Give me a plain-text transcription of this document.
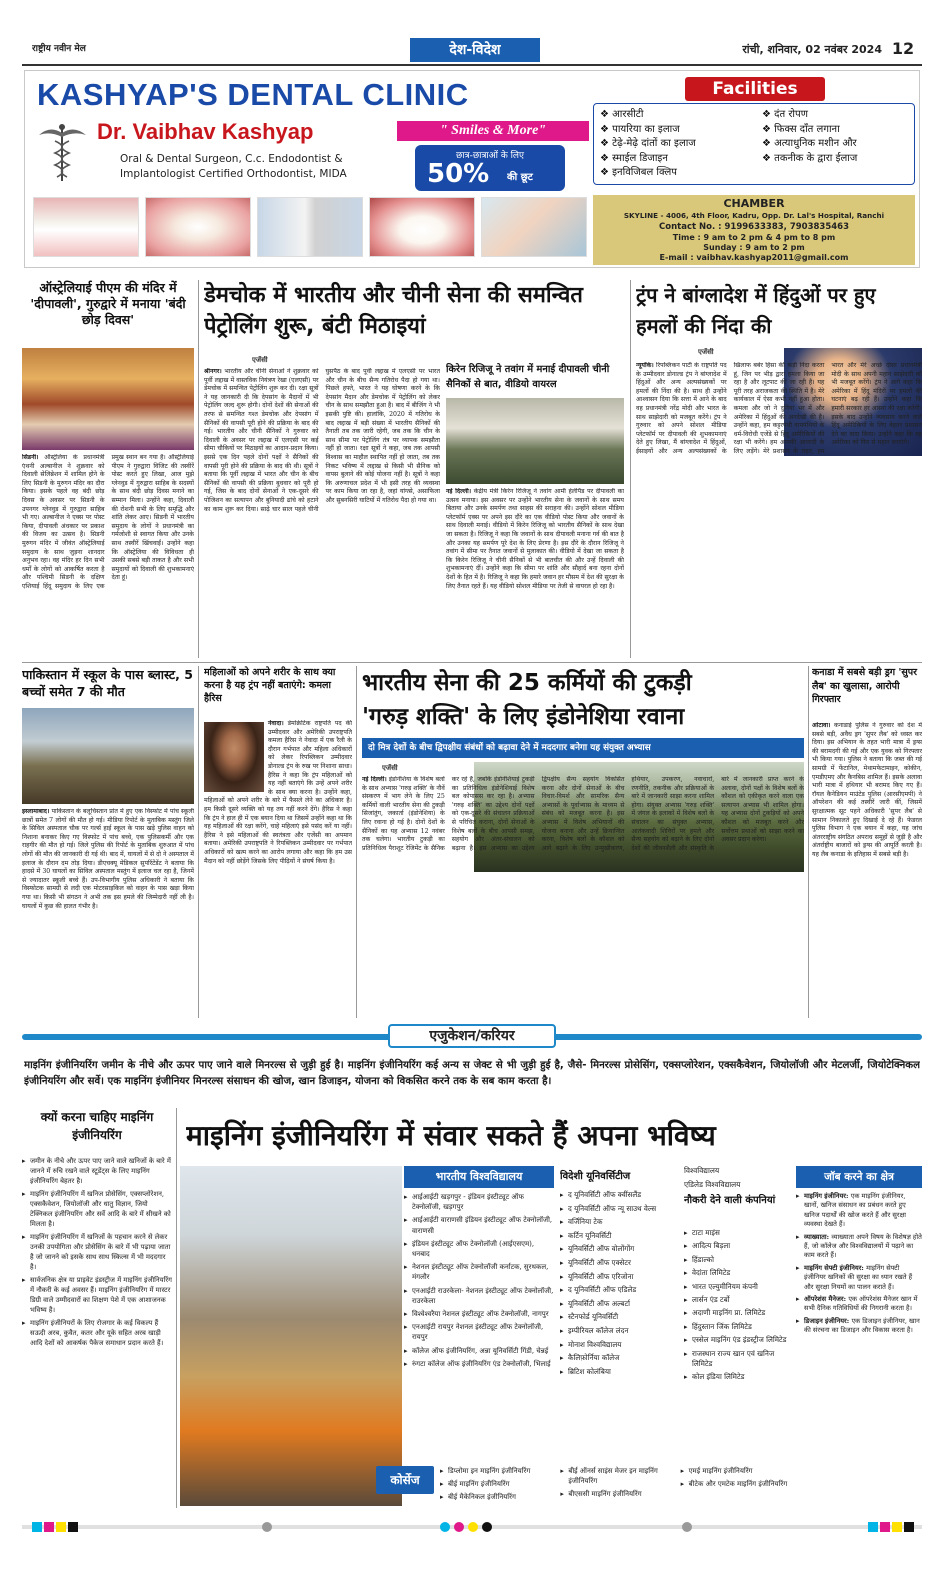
राष्ट्रीय नवीन मेल	देश-विदेश	रांची, शनिवार, 02 नवंबर 2024 12
KASHYAP'S DENTAL CLINIC
Dr. Vaibhav Kashyap	" Smiles & More"
Oral & Dental Surgeon, C.c. Endodontist &
Implantologist Certified Orthodontist, MIDA
छात्र-छात्राओं के लिए
50%	की छूट
Facilities
❖ आरसीटी
❖ पायरिया का इलाज
❖ टेढ़े-मेढ़े दांतों का इलाज
❖ स्माईल डिजाइन
❖ इनविजिबल क्लिप
❖ दंत रोपण
❖ फिक्स दाँत लगाना
❖ अत्याधुनिक मशीन और
❖ तकनीक के द्वारा ईलाज
CHAMBER
SKYLINE - 4006, 4th Floor, Kadru, Opp. Dr. Lal's Hospital, Ranchi
Contact No. : 9199633383, 7903835463
Time : 9 am to 2 pm & 4 pm to 8 pm
Sunday : 9 am to 2 pm
E-mail : vaibhav.kashyap2011@gmail.com
ऑस्ट्रेलियाई पीएम की मंदिर में 'दीपावली', गुरुद्वारे में मनाया 'बंदी छोड़ दिवस'
सिडनी। ऑस्ट्रेलिया के प्रधानमंत्री एंथनी अल्बानीज ने शुक्रवार को दिवाली सेलिब्रेशन में शामिल होने के लिए सिडनी के मुरुगन मंदिर का दौरा किया। इसके पहले वह बंदी छोड़ दिवस के अवसर पर सिडनी के उपनगर ग्लेनवुड में गुरुद्वारा साहिब भी गए। अल्बानीज ने एक्स पर पोस्ट किया, दीपावली अंधकार पर प्रकाश की विजय का उत्सव है। सिडनी मुरुगन मंदिर में जीवंत ऑस्ट्रेलियाई समुदाय के साथ जुड़ना शानदार अनुभव रहा। वह मंदिर हर दिन सभी धर्मों के लोगों को आकर्षित करता है और पश्चिमी सिडनी के दक्षिण एशियाई हिंदू समुदाय के लिए एक प्रमुख स्थान बन गया है। ऑस्ट्रेलियाई पीएम ने गुरुद्वारा विजिट की तस्वीरें पोस्ट करते हुए लिखा, आज मुझे ग्लेनवुड में गुरुद्वारा साहिब के सदस्यों के साथ बंदी छोड़ दिवस मनाने का सम्मान मिला। उन्होंने कहा, दिवाली की रोशनी सभी के लिए समृद्धि और शांति लेकर आए। सिडनी में भारतीय समुदाय के लोगों ने प्रधानमंत्री का गर्मजोशी से स्वागत किया और उनके साथ तस्वीरें खिंचवाईं। उन्होंने कहा कि ऑस्ट्रेलिया की विविधता ही उसकी सबसे बड़ी ताकत है और सभी समुदायों को दिवाली की शुभकामनाएं देता हूं।
डेमचोक में भारतीय और चीनी सेना की समन्वित पेट्रोलिंग शुरू, बंटी मिठाइयां
एजेंसी
श्रीनगर। भारतीय और चीनी सेनाओं ने शुक्रवार को पूर्वी लद्दाख में वास्तविक नियंत्रण रेखा (एलएसी) पर डेमचोक में समन्वित पेट्रोलिंग शुरू कर दी। रक्षा सूत्रों ने यह जानकारी दी कि देपसांग के मैदानों में भी पेट्रोलिंग जल्द शुरू होगी। दोनों देशों की सेनाओं की तरफ से समन्वित गश्त डेमचोक और देपसांग में सैनिकों की वापसी पूरी होने की प्रक्रिया के बाद की गई। भारतीय और चीनी सैनिकों ने गुरुवार को दिवाली के अवसर पर लद्दाख में एलएसी पर कई सीमा चौकियों पर मिठाइयों का आदान-प्रदान किया। इससे एक दिन पहले दोनों पक्षों ने सैनिकों की वापसी पूरी होने की प्रक्रिया के बाद की थी। सूत्रों ने बताया कि पूर्वी लद्दाख में भारत और चीन के बीच सैनिकों की वापसी की प्रक्रिया बुधवार को पूरी हो गई, जिस के बाद दोनों सेनाओं ने एक-दूसरे की पोजिशन का सत्यापन और बुनियादी ढांचे को हटाने का काम शुरू कर दिया। साढ़े चार साल पहले चीनी घुसपैठ के बाद पूर्वी लद्दाख में एलएसी पर भारत और चीन के बीच सैन्य गतिरोध पैदा हो गया था। पिछले हफ्ते, भारत ने यह घोषणा करने के कि देपसांग मैदान और डेमचोक में पेट्रोलिंग को लेकर चीन के साथ समझौता हुआ है। बाद में बीजिंग ने भी इसकी पुष्टि की। हालांकि, 2020 में गतिरोध के बाद लद्दाख में बड़ी संख्या में भारतीय सैनिकों की तैनाती तब तक जारी रहेगी, जब तक कि चीन के साथ सीमा पर पेट्रोलिंग तंत्र पर व्यापक समझौता नहीं हो जाता। रक्षा सूत्रों ने कहा, जब तक आपसी विश्वास का माहौल स्थापित नहीं हो जाता, तब तक निकट भविष्य में लद्दाख से किसी भी सैनिक को वापस बुलाने की कोई योजना नहीं है। सूत्रों ने कहा कि अरुणाचल प्रदेश में भी इसी तरह की व्यवस्था पर काम किया जा रहा है, जहां यांग्त्से, असाफिला और सुबनसिरी घाटियों में गतिरोध पैदा हो गया था।
किरेन रिजिजू ने तवांग में मनाई दीपावली चीनी सैनिकों से बात, वीडियो वायरल
नई दिल्ली। केंद्रीय मंत्री किरेन रिजिजू ने तवांग आर्मी हेलीपैड पर दीपावली का उत्सव मनाया। इस अवसर पर उन्होंने भारतीय सेना के जवानों के साथ समय बिताया और उनके समर्पण तथा साहस की सराहना की। उन्होंने सोशल मीडिया प्लेटफॉर्म एक्स पर अपने इस दौरे का एक वीडियो पोस्ट किया और जवानों के साथ दिवाली मनाई। वीडियो में किरेन रिजिजू को भारतीय सैनिकों के साथ देखा जा सकता है। रिजिजू ने कहा कि जवानों के साथ दीपावली मनाना गर्व की बात है और उनका यह समर्पण पूरे देश के लिए प्रेरणा है। इस दौरे के दौरान रिजिजू ने तवांग में सीमा पर तैनात जवानों से मुलाकात की। वीडियो में देखा जा सकता है कि किरेन रिजिजू ने चीनी सैनिकों से भी बातचीत की और उन्हें दिवाली की शुभकामनाएं दीं। उन्होंने कहा कि सीमा पर शांति और सौहार्द बना रहना दोनों देशों के हित में है। रिजिजू ने कहा कि हमारे जवान हर मौसम में देश की सुरक्षा के लिए तैनात रहते हैं। यह वीडियो सोशल मीडिया पर तेजी से वायरल हो रहा है।
ट्रंप ने बांग्लादेश में हिंदुओं पर हुए हमलों की निंदा की
एजेंसी
न्यूयॉर्क। रिपब्लिकन पार्टी के राष्ट्रपति पद के उम्मीदवार डोनाल्ड ट्रंप ने बांग्लादेश में हिंदुओं और अन्य अल्पसंख्यकों पर हमलों की निंदा की है। साथ ही उन्होंने आश्वासन दिया कि सत्ता में आने के बाद वह प्रधानमंत्री नरेंद्र मोदी और भारत के साथ साझेदारी को मजबूत करेंगे। ट्रंप ने गुरुवार को अपने सोशल मीडिया प्लेटफॉर्म पर दीपावली की शुभकामनाएं देते हुए लिखा, मैं बांग्लादेश में हिंदुओं, ईसाइयों और अन्य अल्पसंख्यकों के खिलाफ बर्बर हिंसा की कड़ी निंदा करता हूं, जिन पर भीड़ द्वारा हमला किया जा रहा है और लूटपाट की जा रही है। यह पूरी तरह अराजकता की स्थिति में है। मेरे कार्यकाल में ऐसा कभी नहीं हुआ होता। कमला और जो ने दुनिया भर में और अमेरिका में हिंदुओं की अनदेखी की है। उन्होंने कहा, हम कट्टरपंथी वामपंथियों के धर्म-विरोधी एजेंडे से हिंदू अमेरिकियों की रक्षा भी करेंगे। हम आपकी आजादी के लिए लड़ेंगे। मेरे प्रशासन के तहत, हम भारत और मेरे अच्छे दोस्त प्रधानमंत्री मोदी के साथ अपनी महान साझेदारी को भी मजबूत करेंगे। ट्रंप ने आगे कहा कि अमेरिका में हिंदू मंदिरों पर हमलों की घटनाएं बढ़ रही हैं। उन्होंने कहा कि हमारी सरकार हर आस्था की रक्षा करेगी। इसके बाद उन्होंने व्यवसाय करने वाले हिंदू अमेरिकियों के लिए बेहतर प्रशासन देने का वादा किया। उन्होंने कहा कि वह अमेरिका को फिर से महान बनाएंगे।
पाकिस्तान में स्कूल के पास ब्लास्ट, 5 बच्चों समेत 7 की मौत
इस्लामाबाद। पाकिस्तान के बलूचिस्तान प्रांत में हुए एक विस्फोट में पांच स्कूली छात्रों समेत 7 लोगों की मौत हो गई। मीडिया रिपोर्ट के मुताबिक मस्तुंग जिले के सिविल अस्पताल चौक पर गर्ल्स हाई स्कूल के पास खड़े पुलिस वाहन को निशाना बनाकर किए गए विस्फोट में पांच बच्चे, एक पुलिसकर्मी और एक राहगीर की मौत हो गई। जिले पुलिस की रिपोर्ट के मुताबिक शुरुआत में पांच लोगों की मौत की जानकारी दी गई थी। बाद में, घायलों में से दो ने अस्पताल में इलाज के दौरान दम तोड़ दिया। डीएचक्यू मेडिकल सुपरिंटेंडेंट ने बताया कि हादसे में 30 घायलों का सिविल अस्पताल मस्तुंग में इलाज चल रहा है, जिनमें से ज्यादातर स्कूली बच्चे हैं। उप-विभागीय पुलिस अधिकारी ने बताया कि विस्फोटक सामग्री से लदी एक मोटरसाइकिल को वाहन के पास खड़ा किया गया था। किसी भी संगठन ने अभी तक इस हमले की जिम्मेदारी नहीं ली है। घायलों में कुछ की हालत गंभीर है।
महिलाओं को अपने शरीर के साथ क्या करना है यह ट्रंप नहीं बताएंगे: कमला हैरिस
नेवादा। डेमोक्रेटिक राष्ट्रपति पद की उम्मीदवार और अमेरिकी उपराष्ट्रपति कमला हैरिस ने नेवादा में एक रैली के दौरान गर्भपात और महिला अधिकारों को लेकर रिपब्लिकन उम्मीदवार डोनाल्ड ट्रंप के रुख पर निशाना साधा। हैरिस ने कहा कि ट्रंप महिलाओं को यह नहीं बताएंगे कि उन्हें अपने शरीर के साथ क्या करना है। उन्होंने कहा, महिलाओं को अपने शरीर के बारे में फैसले लेने का अधिकार है। हम किसी दूसरे व्यक्ति को यह तय नहीं करने देंगे। हैरिस ने कहा कि ट्रंप ने हाल ही में एक बयान दिया था जिसमें उन्होंने कहा था कि वह महिलाओं की रक्षा करेंगे, चाहे महिलाएं इसे पसंद करें या नहीं। हैरिस ने इसे महिलाओं की स्वतंत्रता और एजेंसी का अपमान बताया। अमेरिकी उपराष्ट्रपति ने रिपब्लिकन उम्मीदवार पर गर्भपात अधिकारों को खत्म करने का आरोप लगाया और कहा कि हम उस मैदान को नहीं छोड़ेंगे जिसके लिए पीढ़ियों ने संघर्ष किया है।
भारतीय सेना की 25 कर्मियों की टुकड़ी
'गरुड़ शक्ति' के लिए इंडोनेशिया रवाना
दो मित्र देशों के बीच द्विपक्षीय संबंधों को बढ़ावा देने में मददगार बनेगा यह संयुक्त अभ्यास
एजेंसी
नई दिल्ली। इंडोनेशिया के विशेष बलों के साथ अभ्यास 'गरुड़ शक्ति' के नौवें संस्करण में भाग लेने के लिए 25 कर्मियों वाली भारतीय सेना की टुकड़ी सिजांतुंग, जकार्ता (इंडोनेशिया) के लिए रवाना हो गई है। दोनों देशों के सैनिकों का यह अभ्यास 12 नवंबर तक चलेगा। भारतीय टुकड़ी का प्रतिनिधित्व पैराशूट रेजिमेंट के सैनिक कर रहे हैं, जबकि इंडोनेशियाई टुकड़ी का प्रतिनिधित्व इंडोनेशियाई विशेष बल कोपासस कर रहा है। अभ्यास 'गरुड़ शक्ति' का उद्देश्य दोनों पक्षों को एक-दूसरे की संचालन प्रक्रियाओं से परिचित कराना, दोनों सेनाओं के विशेष बलों के बीच आपसी समझ, सहयोग और अंतर-संचालन को बढ़ाना है। इस अभ्यास का उद्देश्य द्विपक्षीय सैन्य सहयोग विकसित करना और दोनों सेनाओं के बीच विचार-विमर्श और सामरिक सैन्य अभ्यासों के पूर्वाभ्यास के माध्यम से संबंध को मजबूत करना है। इस अभ्यास में विशेष अभियानों की योजना बनाना और उन्हें क्रियान्वित करना, विशेष बलों के कौशल को आगे बढ़ाने के लिए उन्मुखीकरण, हथियार, उपकरण, नवाचारों, रणनीति, तकनीक और प्रक्रियाओं के बारे में जानकारी साझा करना शामिल होगा। संयुक्त अभ्यास 'गरुड़ शक्ति' में जंगल के इलाकों में विशेष बलों के संचालन का संयुक्त अभ्यास, आतंकवादी शिविरों पर हमले और सैन्य सहयोग को बढ़ाने के लिए दोनों देशों की जीवनशैली और संस्कृति के बारे में जानकारी प्राप्त करने के अलावा, दोनों पक्षों के विशेष बलों के कौशल को एकीकृत करने वाला एक सत्यापन अभ्यास भी शामिल होगा। यह अभ्यास दोनों टुकड़ियों को अपने कौशल को मजबूत करने और सर्वोत्तम प्रथाओं को साझा करने का अवसर प्रदान करेगा।
कनाडा में सबसे बड़ी ड्रग 'सुपर लैब' का खुलासा, आरोपी गिरफ्तार
ओटावा। कनाडाई पुलिस ने गुरुवार को देश में सबसे बड़ी, अवैध ड्रग 'सुपर लैब' को ध्वस्त कर दिया। इस अभियान के तहत भारी मात्रा में ड्रग्स की बरामदगी की गई और एक युवक को गिरफ्तार भी किया गया। पुलिस ने बताया कि जब्त की गई सामग्री में फेंटानिल, मेथामफेटामाइन, कोकीन, एमडीएमए और कैनबिस शामिल हैं। इसके अलावा भारी मात्रा में हथियार भी बरामद किए गए हैं। रॉयल कैनेडियन माउंटेड पुलिस (आरसीएमपी) ने ऑपरेशन की कई तस्वीरें जारी कीं, जिसमें सुरक्षात्मक सूट पहने अधिकारी 'सुपर लैब' से सामान निकालते हुए दिखाई दे रहे हैं। फेडरल पुलिस विभाग ने एक बयान में कहा, यह जांच अंतरराष्ट्रीय संगठित अपराध समूहों से जुड़ी है और अंतर्राष्ट्रीय बाजारों को ड्रग्स की आपूर्ति करती है। यह लैब कनाडा के इतिहास में सबसे बड़ी है।
एजुकेशन/करियर
माइनिंग इंजीनियरिंग जमीन के नीचे और ऊपर पाए जाने वाले मिनरल्स से जुड़ी हुई है। माइनिंग इंजीनियरिंग कई अन्य स जेक्ट से भी जुड़ी हुई है, जैसे- मिनरल्स प्रोसेसिंग, एक्सप्लोरेशन, एक्सकैवेशन, जियोलॉजी और मेटलर्जी, जियोटेक्निकल इंजीनियरिंग और सर्वे। एक माइनिंग इंजीनियर मिनरल्स संसाधन की खोज, खान डिजाइन, योजना को विकसित करने तक के सब काम करता है।
क्यों करना चाहिए माइनिंग इंजीनियरिंग
▸ जमीन के नीचे और ऊपर पाए जाने वाले खनिजों के बारे में जानने में रुचि रखने वाले स्टूडेंट्स के लिए माइनिंग इंजीनियरिंग बेहतर है।
▸ माइनिंग इंजीनियरिंग में खनिज प्रोसेसिंग, एक्सप्लोरेशन, एक्सकैवेशन, जियोलॉजी और धातु विज्ञान, जियो टेक्निकल इंजीनियरिंग और सर्वे आदि के बारे में सीखने को मिलता है।
▸ माइनिंग इंजीनियरिंग में खनिजों के पहचान करने से लेकर उनकी उपयोगिता और प्रोसेसिंग के बारे में भी पढ़ाया जाता है जो जानने को इसके साथ साथ स्किल्स में भी मददगार है।
▸ सार्वजनिक क्षेत्र या प्राइवेट इंडस्ट्रीज में माइनिंग इंजीनियरिंग में नौकरी के कई अवसर हैं। माइनिंग इंजीनियरिंग में मास्टर डिग्री वाले उम्मीदवारों का शिक्षण पेशे में एक आशाजनक भविष्य है।
▸ माइनिंग इंजीनियरों के लिए रोजगार के कई विकल्प हैं सऊदी अरब, कुवैत, कतर और यूके सहित अरब खाड़ी आदि देशों को आकर्षक पैकेज समाधान प्रदान करते हैं।
माइनिंग इंजीनियरिंग में संवार सकते हैं अपना भविष्य
कोर्सेज
भारतीय विश्वविद्यालय
▸ आईआईटी खड़गपुर - इंडियन इंस्टीट्यूट ऑफ टेक्नोलॉजी, खड़गपुर
▸ आईआईटी वाराणसी इंडियन इंस्टीट्यूट ऑफ टेक्नोलॉजी, वाराणसी
▸ इंडियन इंस्टीट्यूट ऑफ टेक्नोलॉजी (आईएसएम), धनबाद
▸ नेशनल इंस्टीट्यूट ऑफ टेक्नोलॉजी कर्नाटक, सुरथकल, मंगलौर
▸ एनआईटी राउरकेला- नेशनल इंस्टीट्यूट ऑफ टेक्नोलॉजी, राउरकेला
▸ विश्वेश्वरैया नेशनल इंस्टीट्यूट ऑफ टेक्नोलॉजी, नागपुर
▸ एनआईटी रायपुर नेशनल इंस्टीट्यूट ऑफ टेक्नोलॉजी, रायपुर
▸ कॉलेज ऑफ इंजीनियरिंग, अन्ना यूनिवर्सिटी गिंडी, चेन्नई
▸ रुंगटा कॉलेज ऑफ इंजीनियरिंग एंड टेक्नोलॉजी, भिलाई
विदेशी यूनिवर्सिटीज
▸ द यूनिवर्सिटी ऑफ क्वींसलैंड
▸ द यूनिवर्सिटी ऑफ न्यू साउथ वेल्स
▸ वर्जिनिया टेक
▸ कर्टिन यूनिवर्सिटी
▸ यूनिवर्सिटी ऑफ वोलोंगोंग
▸ यूनिवर्सिटी ऑफ एक्सेटर
▸ यूनिवर्सिटी ऑफ एरिजोना
▸ द यूनिवर्सिटी ऑफ एडिलेड
▸ यूनिवर्सिटी ऑफ अल्बर्टा
▸ स्टैनफोर्ड यूनिवर्सिटी
▸ इम्पीरियल कॉलेज लंदन
▸ मोनाश विश्वविद्यालय
▸ कैलिफ़ोर्निया कॉलेज
▸ ब्रिटिश कोलंबिया
विश्वविद्यालय
एडिलेड विश्वविद्यालय
नौकरी देने वाली कंपनियां
▸ टाटा माइंस
▸ आदित्य बिड़ला
▸ हिंडाल्को
▸ वेदांता लिमिटेड
▸ भारत एल्युमीनियम कंपनी
▸ लार्सन एंड टर्बो
▸ अदाणी माइनिंग प्रा. लिमिटेड
▸ हिंदुस्तान जिंक लिमिटेड
▸ एस्सेल माइनिंग एंड इंडस्ट्रीज लिमिटेड
▸ राजस्थान राज्य खान एवं खनिज लिमिटेड
▸ कोल इंडिया लिमिटेड
जॉब करने का क्षेत्र
▸ माइनिंग इंजीनियर: एक माइनिंग इंजीनियर, खानों, खनिज संसाधन का प्रबंधन करते हुए खनिज पदार्थों की खोज करते हैं और सुरक्षा व्यवस्था देखते हैं।
▸ व्याख्याता: व्याख्याता अपने विषय के विशेषज्ञ होते हैं, जो कॉलेज और विश्वविद्यालयों में पढ़ाने का काम करते हैं।
▸ माइनिंग सेफ्टी इंजीनियर: माइनिंग सेफ्टी इंजीनियर खनिकों की सुरक्षा का ध्यान रखते हैं और सुरक्षा नियमों का पालन कराते हैं।
▸ ऑपरेशंस मैनेजर: एक ऑपरेशंस मैनेजर खान में सभी दैनिक गतिविधियों की निगरानी करता है।
▸ डिजाइन इंजीनियर: एक डिजाइन इंजीनियर, खान की संरचना का डिजाइन और विकास करता है।
▸ डिप्लोमा इन माइनिंग इंजीनियरिंग
▸ बीई माइनिंग इंजीनियरिंग
▸ बीई मैकेनिकल इंजीनियरिंग
▸ बीई ऑनर्स साइंस मेजर इन माइनिंग इंजीनियरिंग
▸ बीएससी माइनिंग इंजीनियरिंग
▸ एमई माइनिंग इंजीनियरिंग
▸ बीटेक और एमटेक माइनिंग इंजीनियरिंग
